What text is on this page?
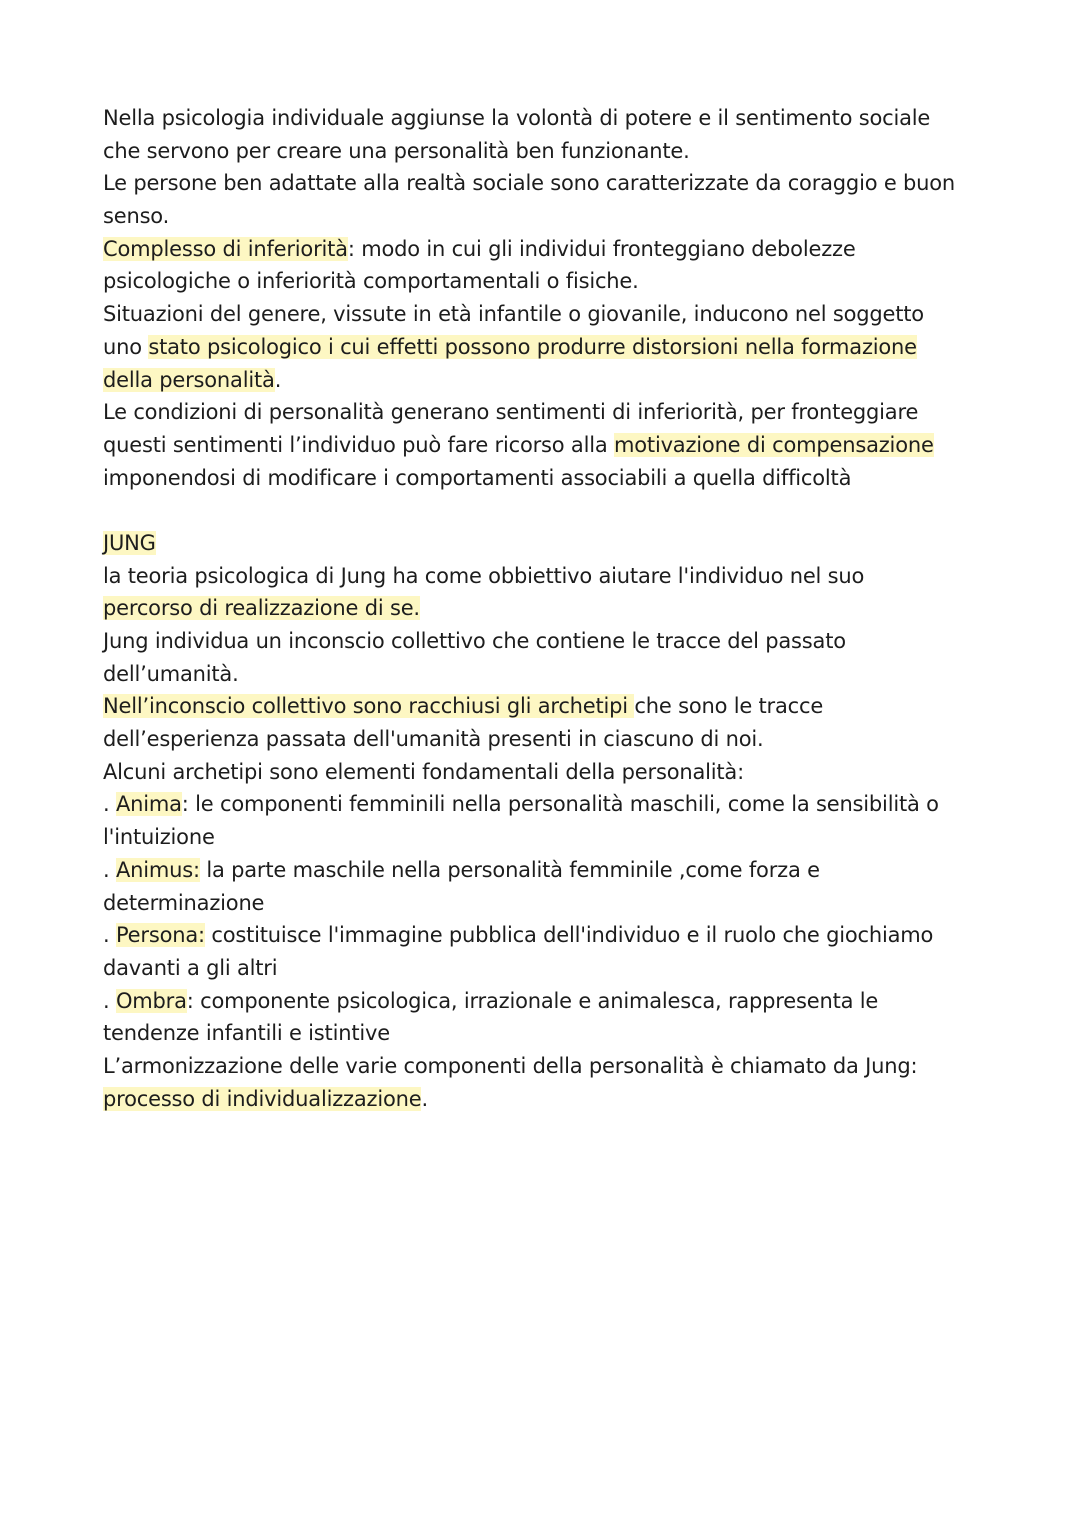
Nella psicologia individuale aggiunse la volontà di potere e il sentimento sociale
che servono per creare una personalità ben funzionante.
Le persone ben adattate alla realtà sociale sono caratterizzate da coraggio e buon
senso.
Complesso di inferiorità: modo in cui gli individui fronteggiano debolezze
psicologiche o inferiorità comportamentali o fisiche.
Situazioni del genere, vissute in età infantile o giovanile, inducono nel soggetto
uno stato psicologico i cui effetti possono produrre distorsioni nella formazione
della personalità.
Le condizioni di personalità generano sentimenti di inferiorità, per fronteggiare
questi sentimenti l’individuo può fare ricorso alla motivazione di compensazione
imponendosi di modificare i comportamenti associabili a quella difficoltà
JUNG
la teoria psicologica di Jung ha come obbiettivo aiutare l'individuo nel suo
percorso di realizzazione di se.
Jung individua un inconscio collettivo che contiene le tracce del passato
dell’umanità.
Nell’inconscio collettivo sono racchiusi gli archetipi che sono le tracce
dell’esperienza passata dell'umanità presenti in ciascuno di noi.
Alcuni archetipi sono elementi fondamentali della personalità:
. Anima: le componenti femminili nella personalità maschili, come la sensibilità o
l'intuizione
. Animus: la parte maschile nella personalità femminile ,come forza e
determinazione
. Persona: costituisce l'immagine pubblica dell'individuo e il ruolo che giochiamo
davanti a gli altri
. Ombra: componente psicologica, irrazionale e animalesca, rappresenta le
tendenze infantili e istintive
L’armonizzazione delle varie componenti della personalità è chiamato da Jung:
processo di individualizzazione.
